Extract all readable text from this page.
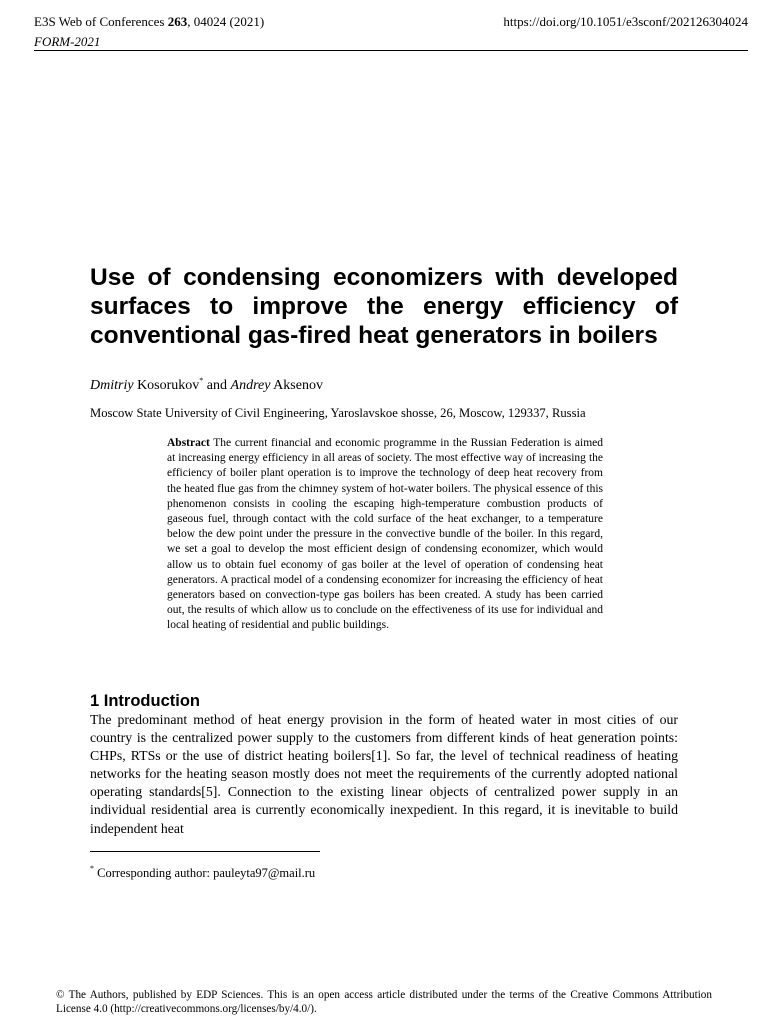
E3S Web of Conferences 263, 04024 (2021)
FORM-2021
https://doi.org/10.1051/e3sconf/202126304024
Use of condensing economizers with developed surfaces to improve the energy efficiency of conventional gas-fired heat generators in boilers
Dmitriy Kosorukov* and Andrey Aksenov
Moscow State University of Civil Engineering, Yaroslavskoe shosse, 26, Moscow, 129337, Russia

Abstract The current financial and economic programme in the Russian Federation is aimed at increasing energy efficiency in all areas of society. The most effective way of increasing the efficiency of boiler plant operation is to improve the technology of deep heat recovery from the heated flue gas from the chimney system of hot-water boilers. The physical essence of this phenomenon consists in cooling the escaping high-temperature combustion products of gaseous fuel, through contact with the cold surface of the heat exchanger, to a temperature below the dew point under the pressure in the convective bundle of the boiler. In this regard, we set a goal to develop the most efficient design of condensing economizer, which would allow us to obtain fuel economy of gas boiler at the level of operation of condensing heat generators. A practical model of a condensing economizer for increasing the efficiency of heat generators based on convection-type gas boilers has been created. A study has been carried out, the results of which allow us to conclude on the effectiveness of its use for individual and local heating of residential and public buildings.

1 Introduction

The predominant method of heat energy provision in the form of heated water in most cities of our country is the centralized power supply to the customers from different kinds of heat generation points: CHPs, RTSs or the use of district heating boilers[1]. So far, the level of technical readiness of heating networks for the heating season mostly does not meet the requirements of the currently adopted national operating standards[5]. Connection to the existing linear objects of centralized power supply in an individual residential area is currently economically inexpedient. In this regard, it is inevitable to build independent heat

* Corresponding author: pauleyta97@mail.ru

© The Authors, published by EDP Sciences. This is an open access article distributed under the terms of the Creative Commons Attribution License 4.0 (http://creativecommons.org/licenses/by/4.0/).
